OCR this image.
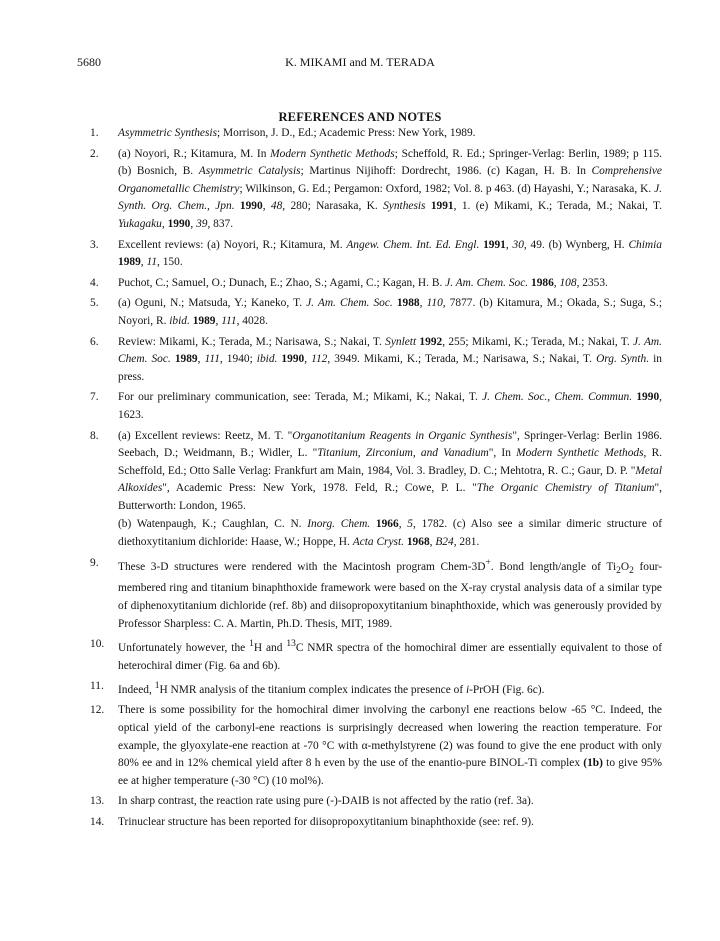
5680	K. MIKAMI and M. TERADA
REFERENCES AND NOTES
1. Asymmetric Synthesis; Morrison, J. D., Ed.; Academic Press: New York, 1989.
2. (a) Noyori, R.; Kitamura, M. In Modern Synthetic Methods; Scheffold, R. Ed.; Springer-Verlag: Berlin, 1989; p 115. (b) Bosnich, B. Asymmetric Catalysis; Martinus Nijihoff: Dordrecht, 1986. (c) Kagan, H. B. In Comprehensive Organometallic Chemistry; Wilkinson, G. Ed.; Pergamon: Oxford, 1982; Vol. 8. p 463. (d) Hayashi, Y.; Narasaka, K. J. Synth. Org. Chem., Jpn. 1990, 48, 280; Narasaka, K. Synthesis 1991, 1. (e) Mikami, K.; Terada, M.; Nakai, T. Yukagaku, 1990, 39, 837.
3. Excellent reviews: (a) Noyori, R.; Kitamura, M. Angew. Chem. Int. Ed. Engl. 1991, 30, 49. (b) Wynberg, H. Chimia 1989, 11, 150.
4. Puchot, C.; Samuel, O.; Dunach, E.; Zhao, S.; Agami, C.; Kagan, H. B. J. Am. Chem. Soc. 1986, 108, 2353.
5. (a) Oguni, N.; Matsuda, Y.; Kaneko, T. J. Am. Chem. Soc. 1988, 110, 7877. (b) Kitamura, M.; Okada, S.; Suga, S.; Noyori, R. ibid. 1989, 111, 4028.
6. Review: Mikami, K.; Terada, M.; Narisawa, S.; Nakai, T. Synlett 1992, 255; Mikami, K.; Terada, M.; Nakai, T. J. Am. Chem. Soc. 1989, 111, 1940; ibid. 1990, 112, 3949. Mikami, K.; Terada, M.; Narisawa, S.; Nakai, T. Org. Synth. in press.
7. For our preliminary communication, see: Terada, M.; Mikami, K.; Nakai, T. J. Chem. Soc., Chem. Commun. 1990, 1623.
8. (a) Excellent reviews: Reetz, M. T. "Organotitanium Reagents in Organic Synthesis", Springer-Verlag: Berlin 1986. Seebach, D.; Weidmann, B.; Widler, L. "Titanium, Zirconium, and Vanadium", In Modern Synthetic Methods, R. Scheffold, Ed.; Otto Salle Verlag: Frankfurt am Main, 1984, Vol. 3. Bradley, D. C.; Mehtotra, R. C.; Gaur, D. P. "Metal Alkoxides", Academic Press: New York, 1978. Feld, R.; Cowe, P. L. "The Organic Chemistry of Titanium", Butterworth: London, 1965.
(b) Watenpaugh, K.; Caughlan, C. N. Inorg. Chem. 1966, 5, 1782. (c) Also see a similar dimeric structure of diethoxytitanium dichloride: Haase, W.; Hoppe, H. Acta Cryst. 1968, B24, 281.
9. These 3-D structures were rendered with the Macintosh program Chem-3D+. Bond length/angle of $Ti_2O_2$ four-membered ring and titanium binaphthoxide framework were based on the X-ray crystal analysis data of a similar type of diphenoxytitanium dichloride (ref. 8b) and diisopropoxytitanium binaphthoxide, which was generously provided by Professor Sharpless: C. A. Martin, Ph.D. Thesis, MIT, 1989.
10. Unfortunately however, the $^1$H and $^{13}$C NMR spectra of the homochiral dimer are essentially equivalent to those of heterochiral dimer (Fig. 6a and 6b).
11. Indeed, $^1$H NMR analysis of the titanium complex indicates the presence of i-PrOH (Fig. 6c).
12. There is some possibility for the homochiral dimer involving the carbonyl ene reactions below -65 °C. Indeed, the optical yield of the carbonyl-ene reactions is surprisingly decreased when lowering the reaction temperature. For example, the glyoxylate-ene reaction at -70 °C with α-methylstyrene (2) was found to give the ene product with only 80% ee and in 12% chemical yield after 8 h even by the use of the enantio-pure BINOL-Ti complex (1b) to give 95% ee at higher temperature (-30 °C) (10 mol%).
13. In sharp contrast, the reaction rate using pure (-)-DAIB is not affected by the ratio (ref. 3a).
14. Trinuclear structure has been reported for diisopropoxytitanium binaphthoxide (see: ref. 9).
